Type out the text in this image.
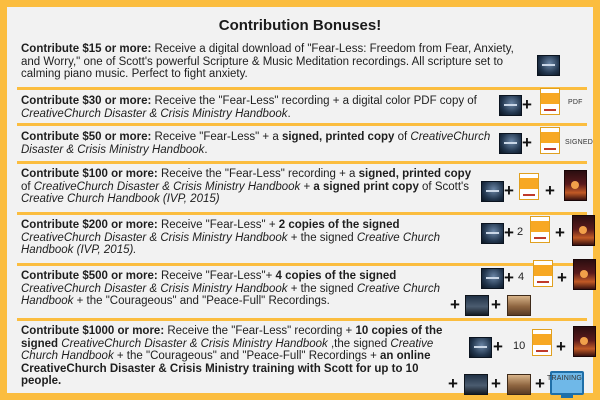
Contribution Bonuses!
Contribute $15 or more: Receive a digital download of "Fear-Less: Freedom from Fear, Anxiety, and Worry," one of Scott's powerful Scripture & Music Meditation recordings. All scripture set to calming piano music. Perfect to fight anxiety.
Contribute $30 or more: Receive the "Fear-Less" recording + a digital color PDF copy of CreativeChurch Disaster & Crisis Ministry Handbook.	+	PDF
Contribute $50 or more: Receive "Fear-Less" + a signed, printed copy of CreativeChurch Disaster & Crisis Ministry Handbook.	+	SIGNED
Contribute $100 or more: Receive the "Fear-Less" recording + a signed, printed copy of CreativeChurch Disaster & Crisis Ministry Handbook + a signed print copy of Scott's Creative Church Handbook (IVP, 2015)	+ +
Contribute $200 or more: Receive "Fear-Less" + 2 copies of the signed CreativeChurch Disaster & Crisis Ministry Handbook + the signed Creative Church Handbook (IVP, 2015).
+ 2 +
Contribute $500 or more: Receive "Fear-Less"+ 4 copies of the signed CreativeChurch Disaster & Crisis Ministry Handbook + the signed Creative Church Handbook + the "Courageous" and "Peace-Full" Recordings.
+ 4 +
+ +
Contribute $1000 or more: Receive the "Fear-Less" recording + 10 copies of the signed CreativeChurch Disaster & Crisis Ministry Handbook ,the signed Creative Church Handbook + the "Courageous" and "Peace-Full" Recordings + an online CreativeChurch Disaster & Crisis Ministry training with Scott for up to 10 people.
+ 10 +
+ + + TRAINING
